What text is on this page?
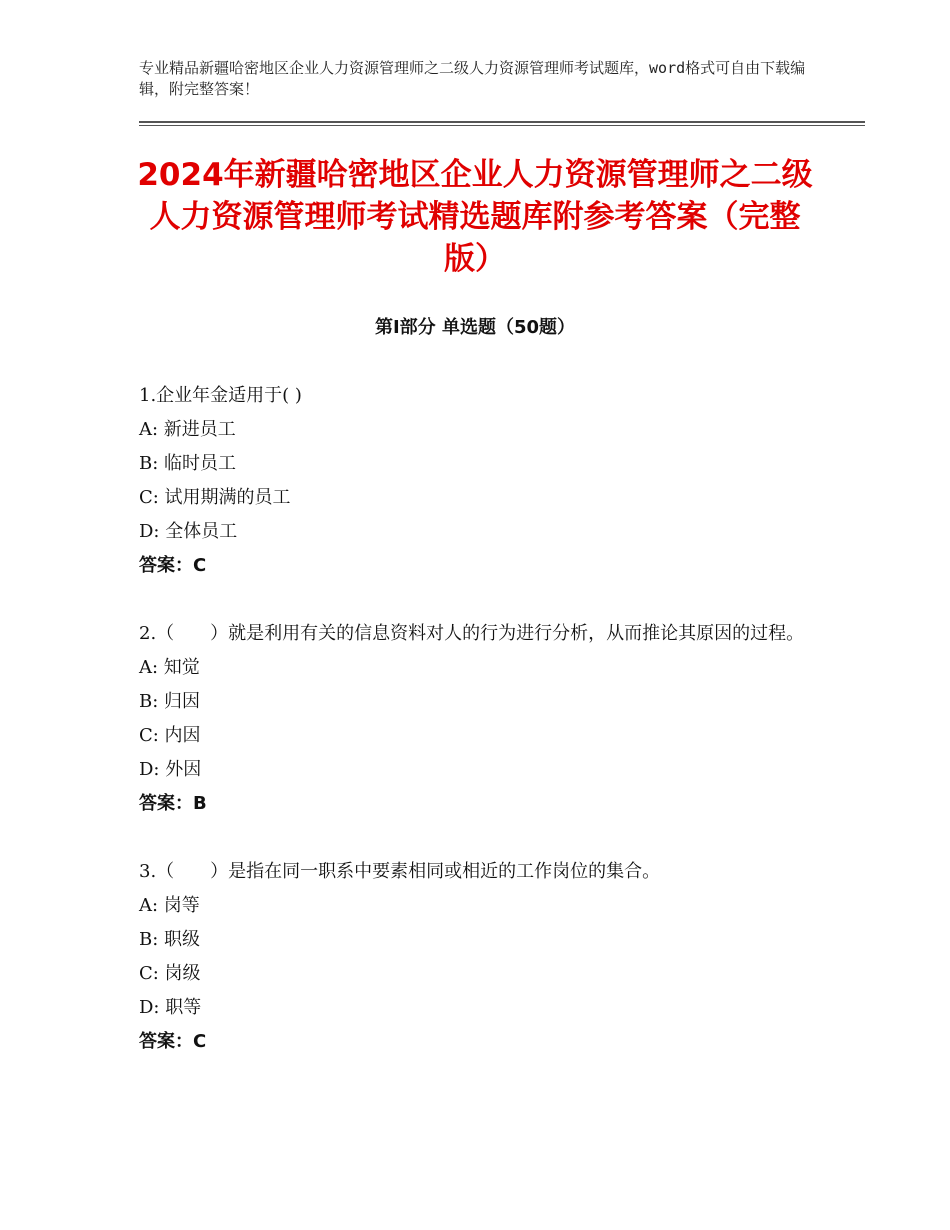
专业精品新疆哈密地区企业人力资源管理师之二级人力资源管理师考试题库，word格式可自由下载编辑，附完整答案！
2024年新疆哈密地区企业人力资源管理师之二级人力资源管理师考试精选题库附参考答案（完整版）
第Ⅰ部分 单选题（50题）
1.企业年金适用于( )
A: 新进员工
B: 临时员工
C: 试用期满的员工
D: 全体员工
答案：C
2.（　　）就是利用有关的信息资料对人的行为进行分析，从而推论其原因的过程。
A: 知觉
B: 归因
C: 内因
D: 外因
答案：B
3.（　　）是指在同一职系中要素相同或相近的工作岗位的集合。
A: 岗等
B: 职级
C: 岗级
D: 职等
答案：C
